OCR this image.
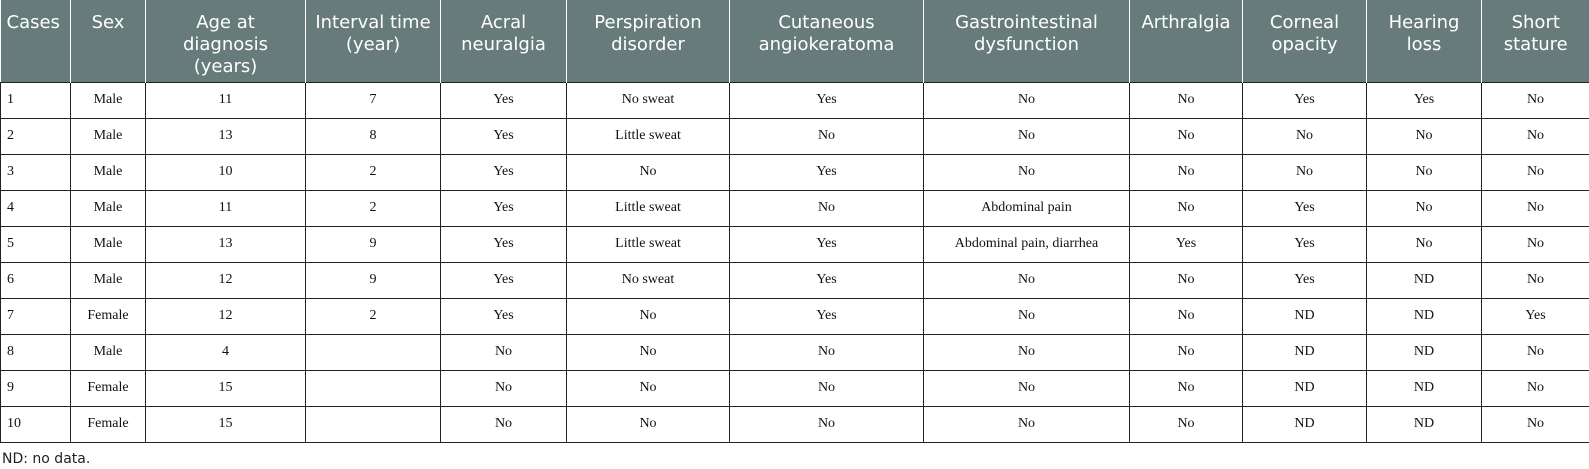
Cases	Sex	Age at diagnosis (years)	Interval time (year)	Acral neuralgia	Perspiration disorder	Cutaneous angiokeratoma	Gastrointestinal dysfunction	Arthralgia	Corneal opacity	Hearing loss	Short stature
1	Male	11	7	Yes	No sweat	Yes	No	No	Yes	Yes	No
2	Male	13	8	Yes	Little sweat	No	No	No	No	No	No
3	Male	10	2	Yes	No	Yes	No	No	No	No	No
4	Male	11	2	Yes	Little sweat	No	Abdominal pain	No	Yes	No	No
5	Male	13	9	Yes	Little sweat	Yes	Abdominal pain, diarrhea	Yes	Yes	No	No
6	Male	12	9	Yes	No sweat	Yes	No	No	Yes	ND	No
7	Female	12	2	Yes	No	Yes	No	No	ND	ND	Yes
8	Male	4		No	No	No	No	No	ND	ND	No
9	Female	15		No	No	No	No	No	ND	ND	No
10	Female	15		No	No	No	No	No	ND	ND	No

ND: no data.
